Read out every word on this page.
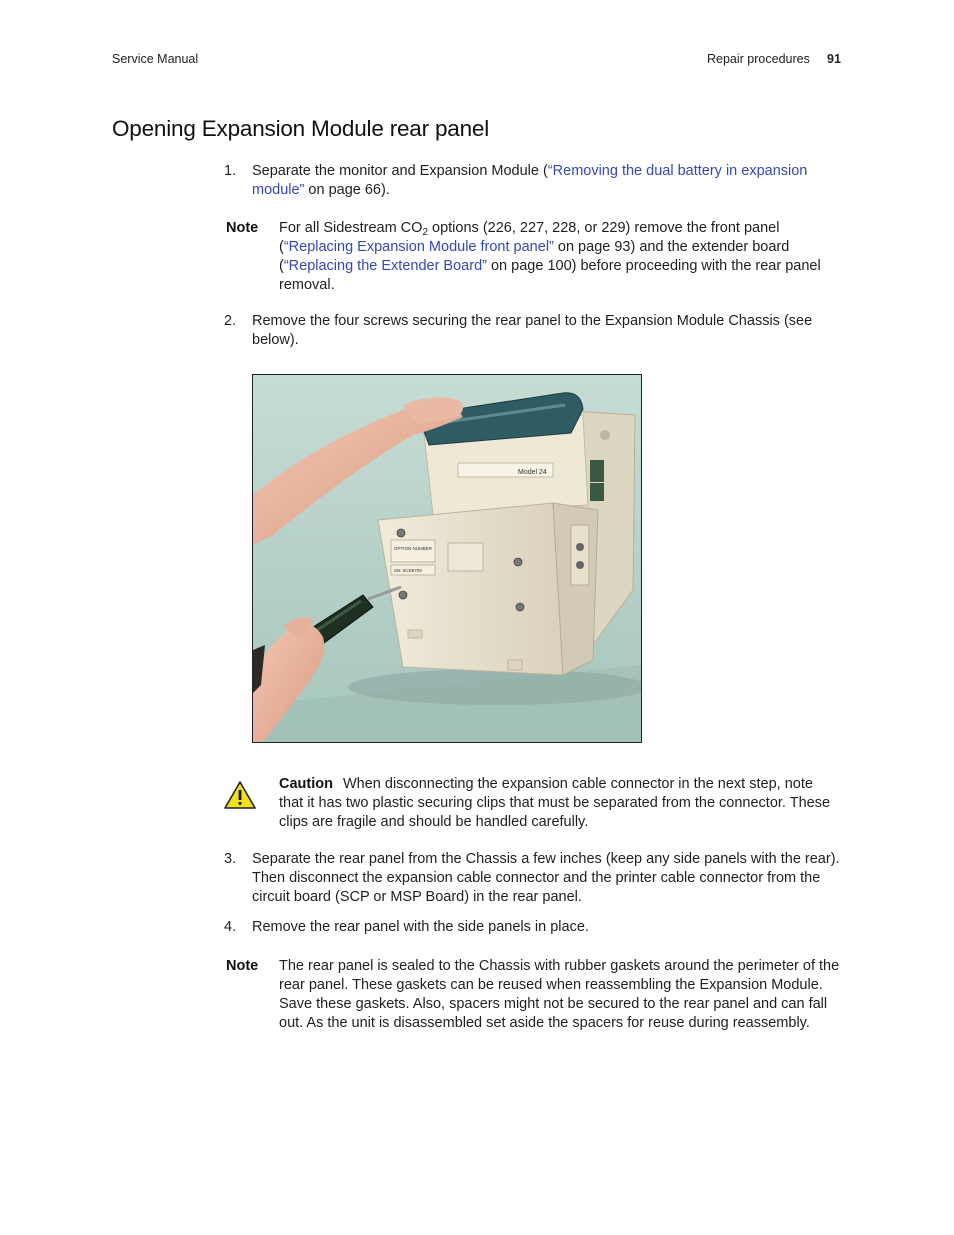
Service Manual	Repair procedures 91
Opening Expansion Module rear panel
1. Separate the monitor and Expansion Module (“Removing the dual battery in expansion module” on page 66).
Note For all Sidestream $CO_2$ options (226, 227, 228, or 229) remove the front panel (“Replacing Expansion Module front panel” on page 93) and the extender board (“Replacing the Extender Board” on page 100) before proceeding with the rear panel removal.
2. Remove the four screws securing the rear panel to the Expansion Module Chassis (see below).
Model 24
OPTION NUMBER
SN: 5CD9709
Caution When disconnecting the expansion cable connector in the next step, note that it has two plastic securing clips that must be separated from the connector. These clips are fragile and should be handled carefully.
3. Separate the rear panel from the Chassis a few inches (keep any side panels with the rear). Then disconnect the expansion cable connector and the printer cable connector from the circuit board (SCP or MSP Board) in the rear panel.
4. Remove the rear panel with the side panels in place.
Note The rear panel is sealed to the Chassis with rubber gaskets around the perimeter of the rear panel. These gaskets can be reused when reassembling the Expansion Module. Save these gaskets. Also, spacers might not be secured to the rear panel and can fall out. As the unit is disassembled set aside the spacers for reuse during reassembly.
